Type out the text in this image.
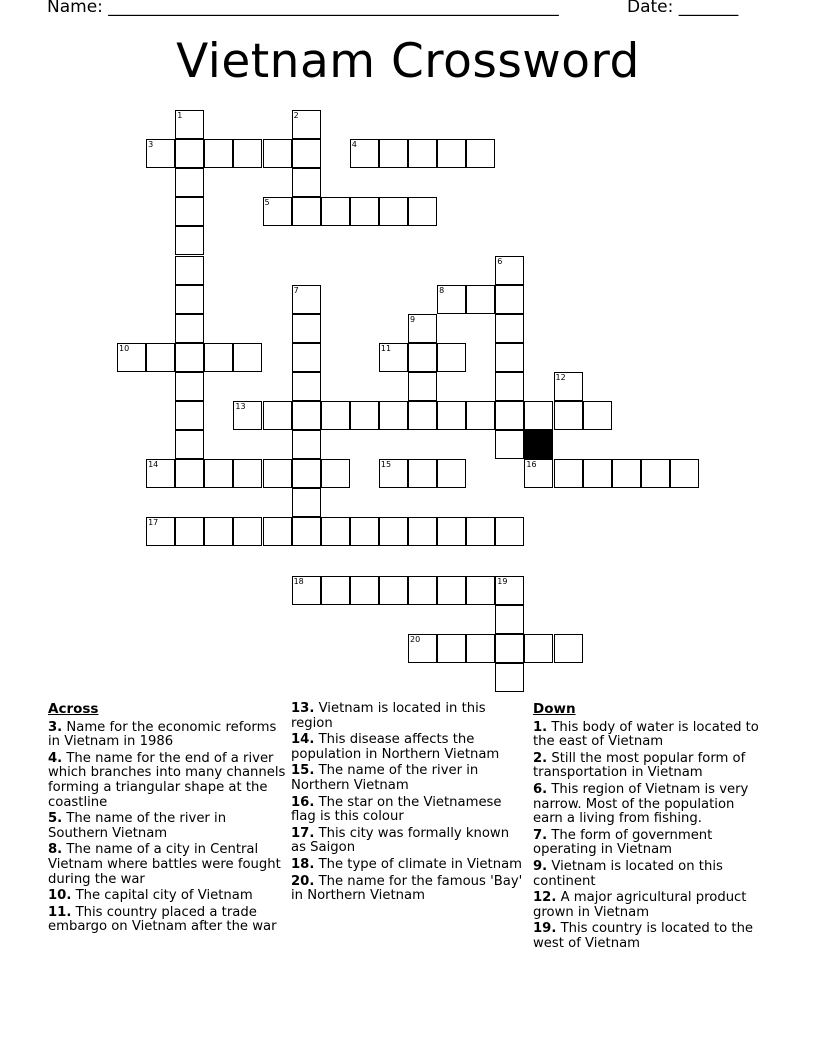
Name: _____________________________________________________	Date: _______
Vietnam Crossword
1	2
3	4
5
6
7	8
9
10	11
12
13
14	15	16
17
18	19
20
Across
3. Name for the economic reforms in Vietnam in 1986
4. The name for the end of a river which branches into many channels forming a triangular shape at the coastline
5. The name of the river in Southern Vietnam
8. The name of a city in Central Vietnam where battles were fought during the war
10. The capital city of Vietnam
11. This country placed a trade embargo on Vietnam after the war
13. Vietnam is located in this region
14. This disease affects the population in Northern Vietnam
15. The name of the river in Northern Vietnam
16. The star on the Vietnamese flag is this colour
17. This city was formally known as Saigon
18. The type of climate in Vietnam
20. The name for the famous 'Bay' in Northern Vietnam
Down
1. This body of water is located to the east of Vietnam
2. Still the most popular form of transportation in Vietnam
6. This region of Vietnam is very narrow. Most of the population earn a living from fishing.
7. The form of government operating in Vietnam
9. Vietnam is located on this continent
12. A major agricultural product grown in Vietnam
19. This country is located to the west of Vietnam
